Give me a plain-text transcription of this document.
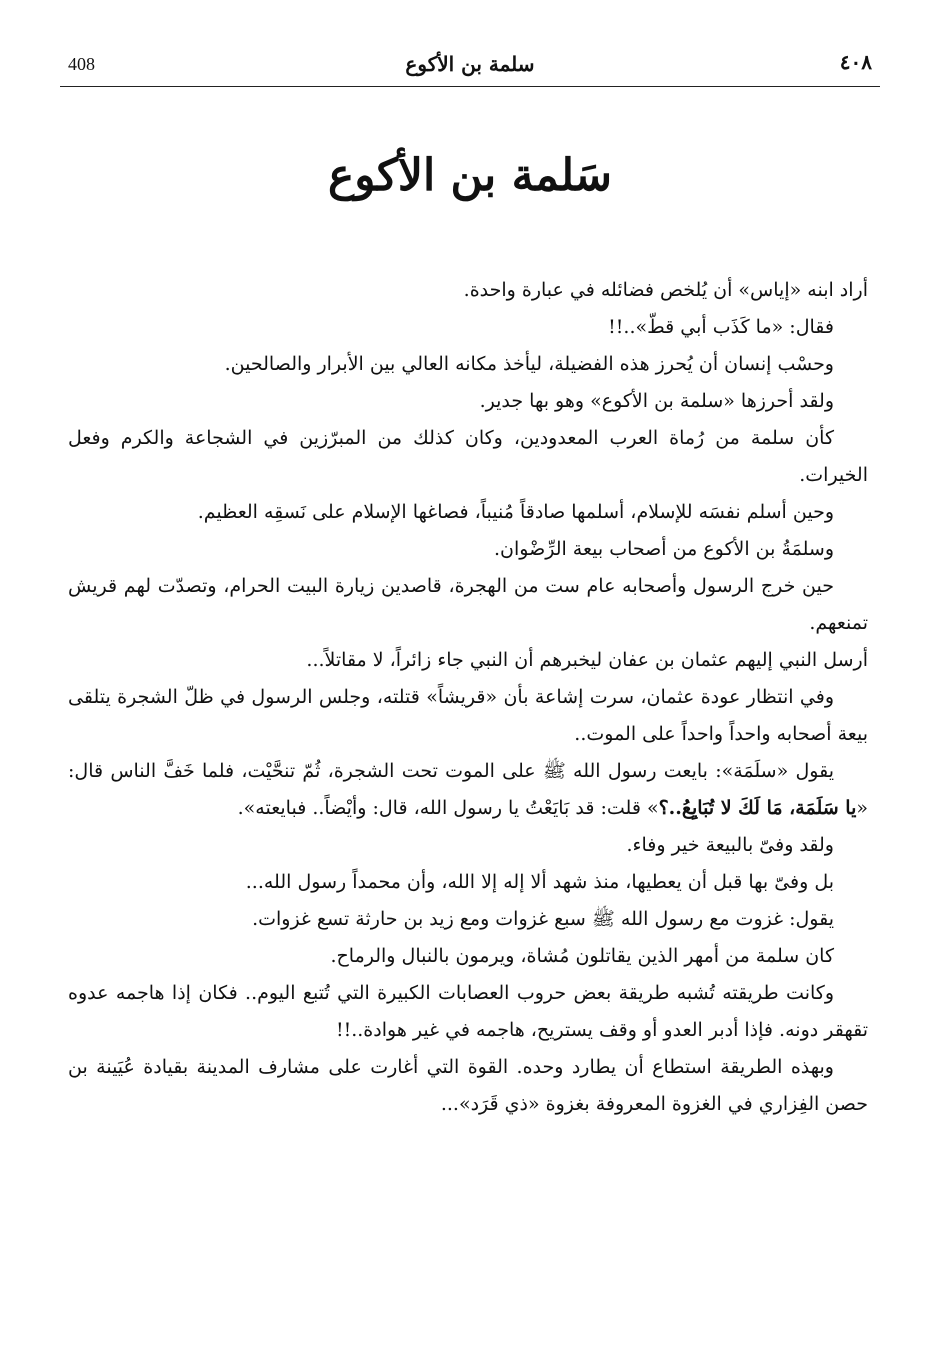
408	سلمة بن الأكوع	٤٠٨
سَلمة بن الأكوع

أراد ابنه «إياس» أن يُلخص فضائله في عبارة واحدة.

فقال: «ما كَذَب أبي قطّ»..!!

وحسْب إنسان أن يُحرز هذه الفضيلة، ليأخذ مكانه العالي بين الأبرار والصالحين.

ولقد أحرزها «سلمة بن الأكوع» وهو بها جدير.

كأن سلمة من رُماة العرب المعدودين، وكان كذلك من المبرّزين في الشجاعة والكرم وفعل الخيرات.

وحين أسلم نفسَه للإسلام، أسلمها صادقاً مُنيباً، فصاغها الإسلام على نَسقِه العظيم.

وسلمَةُ بن الأكوع من أصحاب بيعة الرِّضْوان.

حين خرج الرسول وأصحابه عام ست من الهجرة، قاصدين زيارة البيت الحرام، وتصدّت لهم قريش تمنعهم.

أرسل النبي إليهم عثمان بن عفان ليخبرهم أن النبي جاء زائراً، لا مقاتلاً...

وفي انتظار عودة عثمان، سرت إشاعة بأن «قريشاً» قتلته، وجلس الرسول في ظلّ الشجرة يتلقى بيعة أصحابه واحداً واحداً على الموت..

يقول «سلَمَة»: بايعت رسول الله ﷺ على الموت تحت الشجرة، ثُمّ تنحَّيْت، فلما خَفَّ الناس قال: «يا سَلَمَة، مَا لَكَ لا تُبَايِعُ..؟» قلت: قد بَايَعْتُ يا رسول الله، قال: وأيْضاً.. فبايعته».

ولقد وفىّ بالبيعة خير وفاء.

بل وفىّ بها قبل أن يعطيها، منذ شهد ألا إله إلا الله، وأن محمداً رسول الله...

يقول: غزوت مع رسول الله ﷺ سبع غزوات ومع زيد بن حارثة تسع غزوات.

كان سلمة من أمهر الذين يقاتلون مُشاة، ويرمون بالنبال والرماح.

وكانت طريقته تُشبه طريقة بعض حروب العصابات الكبيرة التي تُتبع اليوم.. فكان إذا هاجمه عدوه تقهقر دونه. فإذا أدبر العدو أو وقف يستريح، هاجمه في غير هوادة..!!

وبهذه الطريقة استطاع أن يطارد وحده. القوة التي أغارت على مشارف المدينة بقيادة عُيَينة بن حصن الفِزاري في الغزوة المعروفة بغزوة «ذي قَرَد»...
